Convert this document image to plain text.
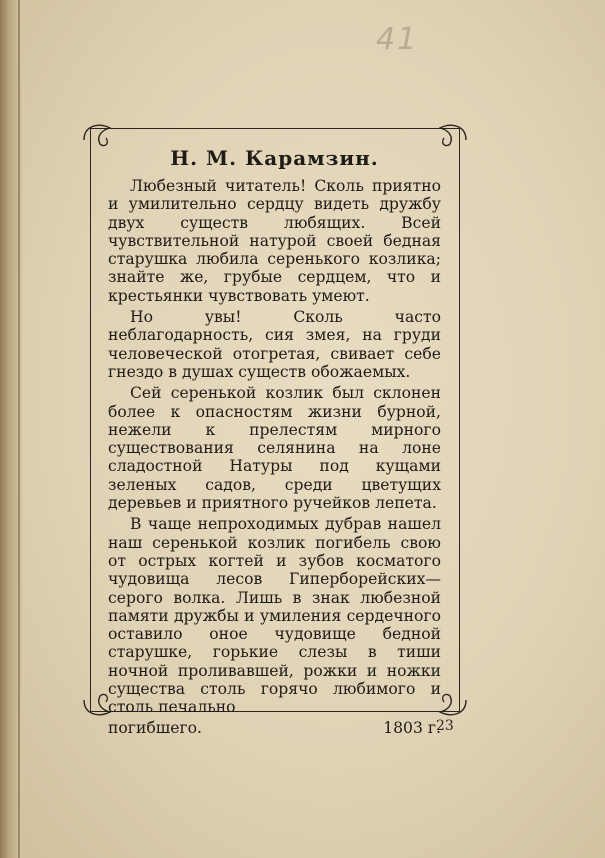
41
Н. М. Карамзин.

Любезный читатель! Сколь приятно и умилительно сердцу видеть дружбу двух существ любящих. Всей чувствительной натурой своей бедная старушка любила серенького козлика; знайте же, грубые сердцем, что и крестьянки чувствовать умеют.

Но увы! Сколь часто неблагодарность, сия змея, на груди человеческой отогретая, свивает себе гнездо в душах существ обожаемых.

Сей серенькой козлик был склонен более к опасностям жизни бурной, нежели к прелестям мирного существования селянина на лоне сладостной Натуры под кущами зеленых садов, среди цветущих деревьев и приятного ручейков лепета.

В чаще непроходимых дубрав нашел наш серенькой козлик погибель свою от острых когтей и зубов косматого чудовища лесов Гиперборейских—серого волка. Лишь в знак любезной памяти дружбы и умиления сердечного оставило оное чудовище бедной старушке, горькие слезы в тиши ночной проливавшей, рожки и ножки существа столь горячо любимого и столь печально

погибшего.	1803 г.
23
